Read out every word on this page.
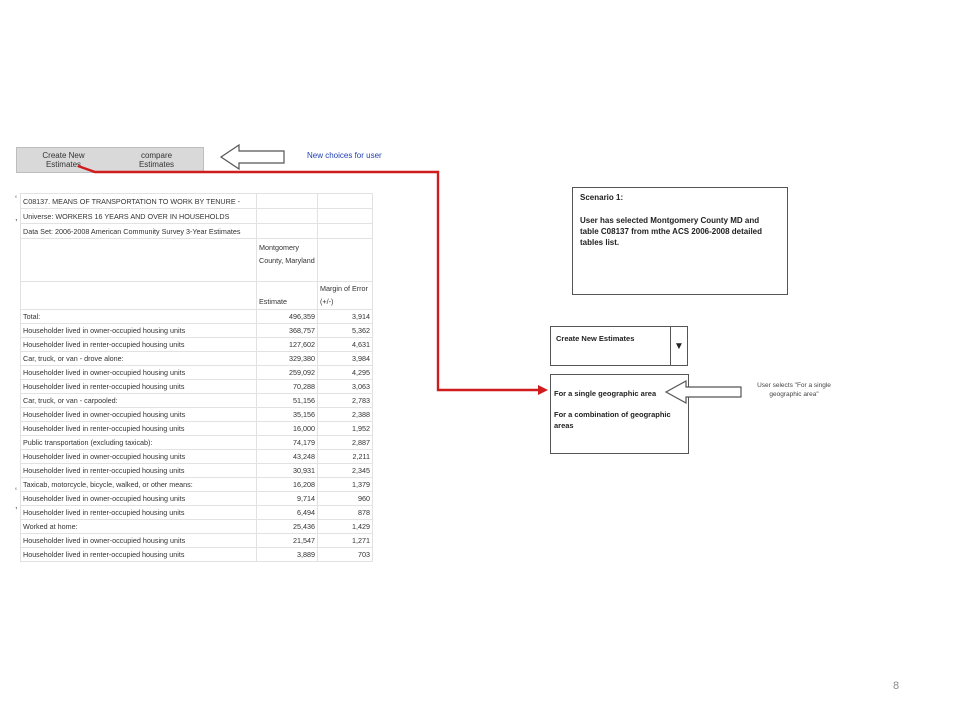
Create New
Estimates
compare
Estimates
New choices for user
‘
,
‘
,
C08137. MEANS OF TRANSPORTATION TO WORK BY TENURE -		
Universe: WORKERS 16 YEARS AND OVER IN HOUSEHOLDS		
Data Set: 2006-2008 American Community Survey 3-Year Estimates		
	Montgomery County, Maryland	
	Estimate	Margin of Error (+/-)
Total:	496,359	3,914
Householder lived in owner-occupied housing units	368,757	5,362
Householder lived in renter-occupied housing units	127,602	4,631
Car, truck, or van - drove alone:	329,380	3,984
Householder lived in owner-occupied housing units	259,092	4,295
Householder lived in renter-occupied housing units	70,288	3,063
Car, truck, or van - carpooled:	51,156	2,783
Householder lived in owner-occupied housing units	35,156	2,388
Householder lived in renter-occupied housing units	16,000	1,952
Public transportation (excluding taxicab):	74,179	2,887
Householder lived in owner-occupied housing units	43,248	2,211
Householder lived in renter-occupied housing units	30,931	2,345
Taxicab, motorcycle, bicycle, walked, or other means:	16,208	1,379
Householder lived in owner-occupied housing units	9,714	960
Householder lived in renter-occupied housing units	6,494	878
Worked at home:	25,436	1,429
Householder lived in owner-occupied housing units	21,547	1,271
Householder lived in renter-occupied housing units	3,889	703
Scenario 1:
User has selected Montgomery County MD and table C08137 from mthe ACS 2006-2008 detailed tables list.
Create New Estimates
▼
For a single geographic area
For a combination of geographic areas
User selects "For a single geographic area"
8
